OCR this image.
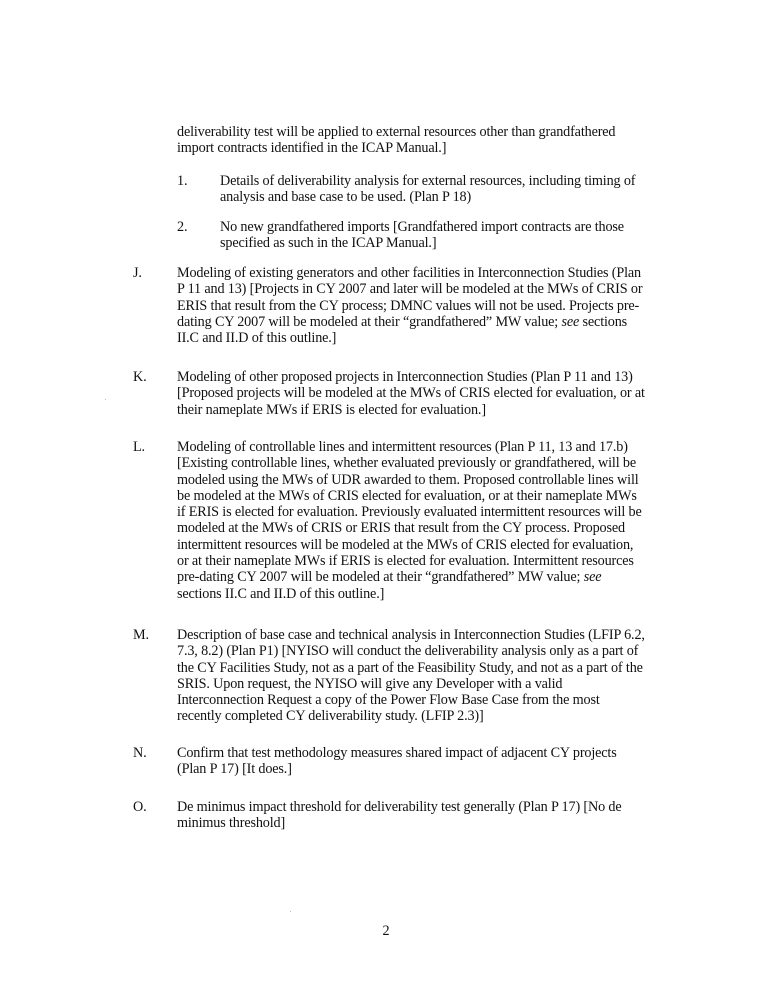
deliverability test will be applied to external resources other than grandfathered import contracts identified in the ICAP Manual.]
1. Details of deliverability analysis for external resources, including timing of analysis and base case to be used. (Plan P 18)
2. No new grandfathered imports [Grandfathered import contracts are those specified as such in the ICAP Manual.]
J. Modeling of existing generators and other facilities in Interconnection Studies (Plan P 11 and 13) [Projects in CY 2007 and later will be modeled at the MWs of CRIS or ERIS that result from the CY process; DMNC values will not be used. Projects pre-dating CY 2007 will be modeled at their “grandfathered” MW value; see sections II.C and II.D of this outline.]
K. Modeling of other proposed projects in Interconnection Studies (Plan P 11 and 13) [Proposed projects will be modeled at the MWs of CRIS elected for evaluation, or at their nameplate MWs if ERIS is elected for evaluation.]
L. Modeling of controllable lines and intermittent resources (Plan P 11, 13 and 17.b) [Existing controllable lines, whether evaluated previously or grandfathered, will be modeled using the MWs of UDR awarded to them. Proposed controllable lines will be modeled at the MWs of CRIS elected for evaluation, or at their nameplate MWs if ERIS is elected for evaluation. Previously evaluated intermittent resources will be modeled at the MWs of CRIS or ERIS that result from the CY process. Proposed intermittent resources will be modeled at the MWs of CRIS elected for evaluation, or at their nameplate MWs if ERIS is elected for evaluation. Intermittent resources pre-dating CY 2007 will be modeled at their “grandfathered” MW value; see sections II.C and II.D of this outline.]
M. Description of base case and technical analysis in Interconnection Studies (LFIP 6.2, 7.3, 8.2) (Plan P1) [NYISO will conduct the deliverability analysis only as a part of the CY Facilities Study, not as a part of the Feasibility Study, and not as a part of the SRIS. Upon request, the NYISO will give any Developer with a valid Interconnection Request a copy of the Power Flow Base Case from the most recently completed CY deliverability study. (LFIP 2.3)]
N. Confirm that test methodology measures shared impact of adjacent CY projects (Plan P 17) [It does.]
O. De minimus impact threshold for deliverability test generally (Plan P 17) [No de minimus threshold]
2
